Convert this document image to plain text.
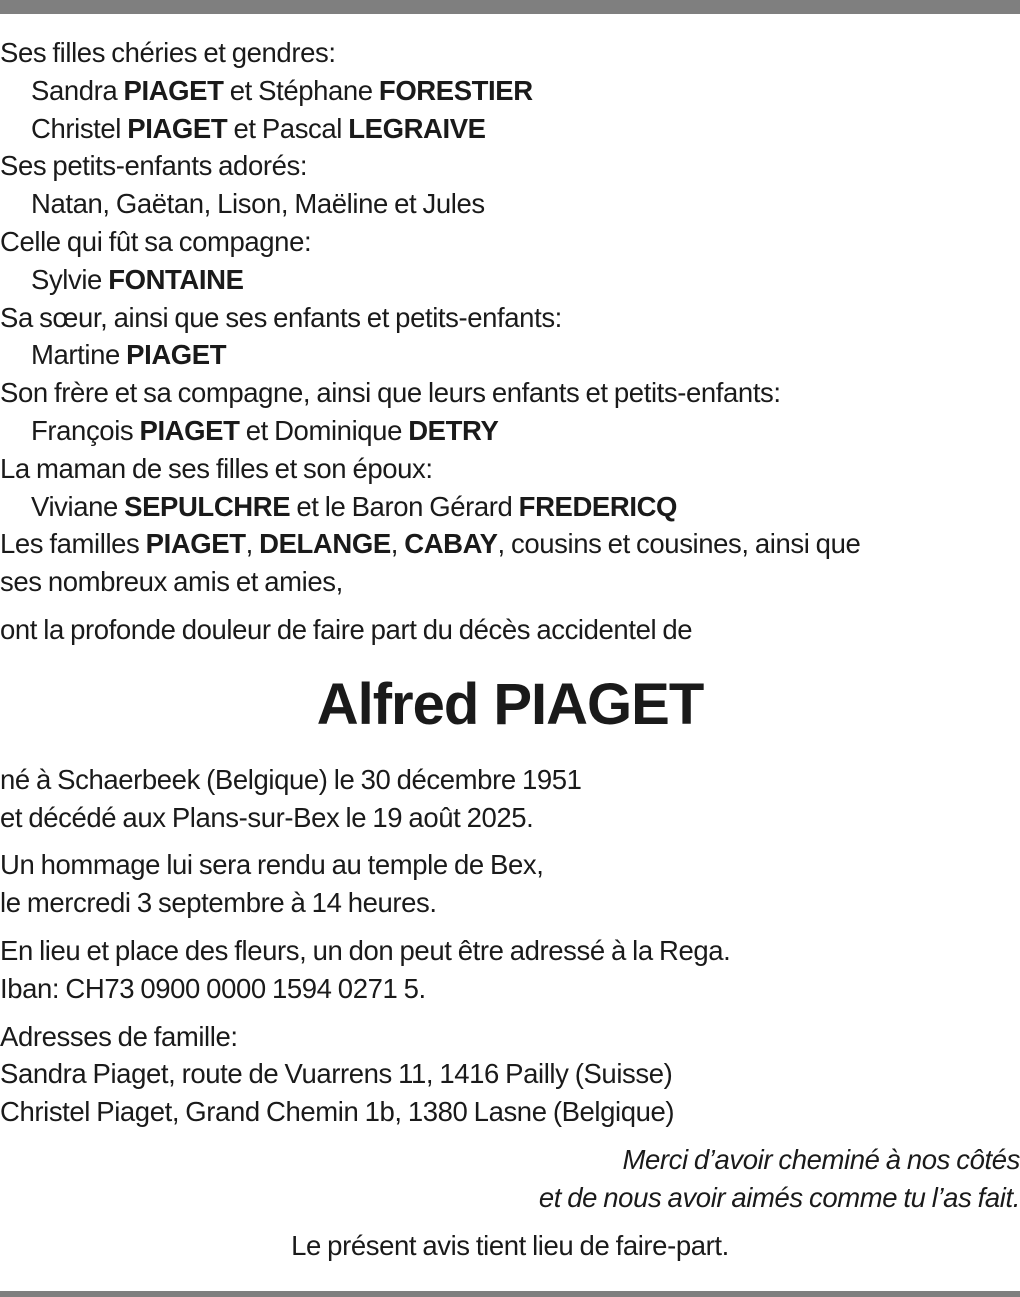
Ses filles chéries et gendres:
Sandra PIAGET et Stéphane FORESTIER
Christel PIAGET et Pascal LEGRAIVE
Ses petits-enfants adorés:
Natan, Gaëtan, Lison, Maëline et Jules
Celle qui fût sa compagne:
Sylvie FONTAINE
Sa sœur, ainsi que ses enfants et petits-enfants:
Martine PIAGET
Son frère et sa compagne, ainsi que leurs enfants et petits-enfants:
François PIAGET et Dominique DETRY
La maman de ses filles et son époux:
Viviane SEPULCHRE et le Baron Gérard FREDERICQ
Les familles PIAGET, DELANGE, CABAY, cousins et cousines, ainsi que
ses nombreux amis et amies,
ont la profonde douleur de faire part du décès accidentel de
Alfred PIAGET
né à Schaerbeek (Belgique) le 30 décembre 1951
et décédé aux Plans-sur-Bex le 19 août 2025.
Un hommage lui sera rendu au temple de Bex,
le mercredi 3 septembre à 14 heures.
En lieu et place des fleurs, un don peut être adressé à la Rega.
Iban: CH73 0900 0000 1594 0271 5.
Adresses de famille:
Sandra Piaget, route de Vuarrens 11, 1416 Pailly (Suisse)
Christel Piaget, Grand Chemin 1b, 1380 Lasne (Belgique)
Merci d’avoir cheminé à nos côtés
et de nous avoir aimés comme tu l’as fait.
Le présent avis tient lieu de faire-part.
